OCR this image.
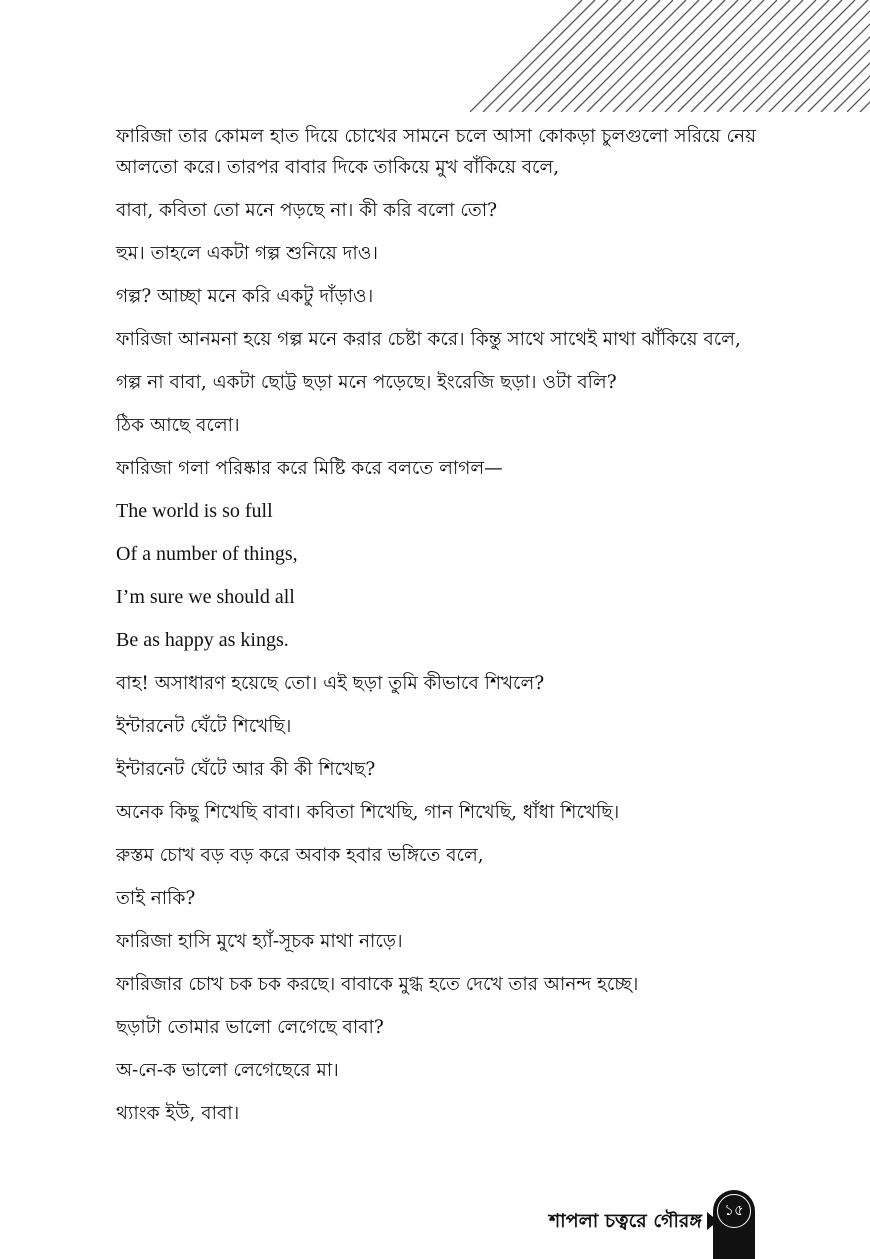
ফারিজা তার কোমল হাত দিয়ে চোখের সামনে চলে আসা কোকড়া চুলগুলো সরিয়ে নেয় আলতো করে। তারপর বাবার দিকে তাকিয়ে মুখ বাঁকিয়ে বলে,

বাবা, কবিতা তো মনে পড়ছে না। কী করি বলো তো?

হুম। তাহলে একটা গল্প শুনিয়ে দাও।

গল্প? আচ্ছা মনে করি একটু দাঁড়াও।

ফারিজা আনমনা হয়ে গল্প মনে করার চেষ্টা করে। কিন্তু সাথে সাথেই মাথা ঝাঁকিয়ে বলে,

গল্প না বাবা, একটা ছোট্ট ছড়া মনে পড়েছে। ইংরেজি ছড়া। ওটা বলি?

ঠিক আছে বলো।

ফারিজা গলা পরিষ্কার করে মিষ্টি করে বলতে লাগল—

The world is so full

Of a number of things,

I’m sure we should all

Be as happy as kings.

বাহ! অসাধারণ হয়েছে তো। এই ছড়া তুমি কীভাবে শিখলে?

ইন্টারনেট ঘেঁটে শিখেছি।

ইন্টারনেট ঘেঁটে আর কী কী শিখেছ?

অনেক কিছু শিখেছি বাবা। কবিতা শিখেছি, গান শিখেছি, ধাঁধা শিখেছি।

রুস্তম চোখ বড় বড় করে অবাক হবার ভঙ্গিতে বলে,

তাই নাকি?

ফারিজা হাসি মুখে হ্যাঁ-সূচক মাথা নাড়ে।

ফারিজার চোখ চক চক করছে। বাবাকে মুগ্ধ হতে দেখে তার আনন্দ হচ্ছে।

ছড়াটা তোমার ভালো লেগেছে বাবা?

অ-নে-ক ভালো লেগেছেরে মা।

থ্যাংক ইউ, বাবা।

শাপলা চত্বরে গৌরঙ্গ	১৫
